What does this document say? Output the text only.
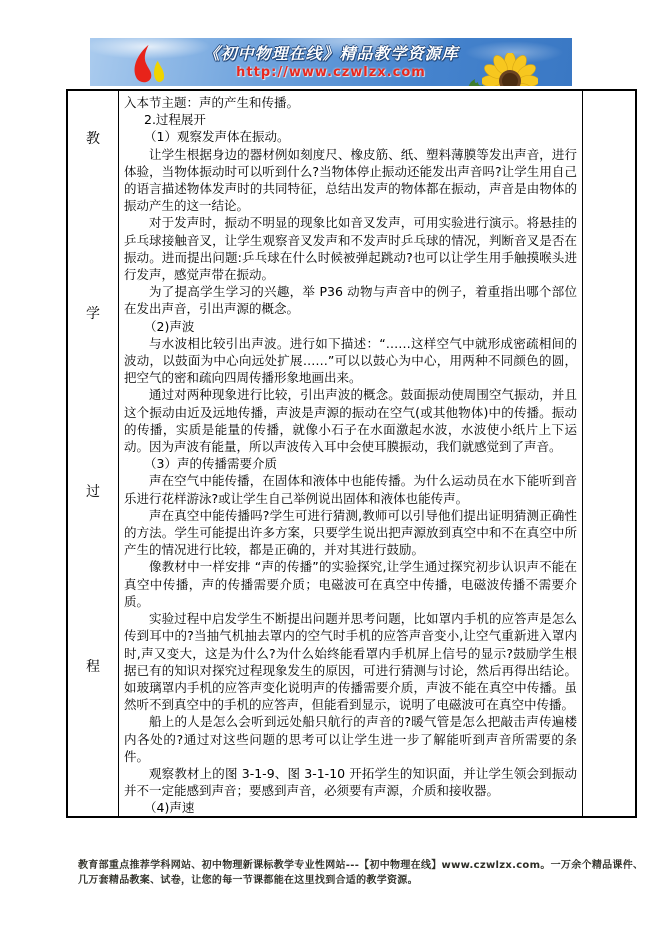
《初中物理在线》精品教学资源库
http://www.czwlzx.com
教
学
过
程

入本节主题：声的产生和传播。

2.过程展开

（1）观察发声体在振动。

让学生根据身边的器材例如刻度尺、橡皮筋、纸、塑料薄膜等发出声音，进行体验，当物体振动时可以听到什么?当物体停止振动还能发出声音吗?让学生用自己的语言描述物体发声时的共同特征，总结出发声的物体都在振动，声音是由物体的振动产生的这一结论。

对于发声时，振动不明显的现象比如音叉发声，可用实验进行演示。将悬挂的乒乓球接触音叉，让学生观察音叉发声和不发声时乒乓球的情况，判断音叉是否在振动。进而提出问题:乒乓球在什么时候被弹起跳动?也可以让学生用手触摸喉头进行发声，感觉声带在振动。

为了提高学生学习的兴趣，举 P36 动物与声音中的例子，着重指出哪个部位在发出声音，引出声源的概念。

（2)声波

与水波相比较引出声波。进行如下描述：“……这样空气中就形成密疏相间的波动，以鼓面为中心向远处扩展……”可以以鼓心为中心，用两种不同颜色的圆，把空气的密和疏向四周传播形象地画出来。

通过对两种现象进行比较，引出声波的概念。鼓面振动使周围空气振动，并且这个振动由近及远地传播，声波是声源的振动在空气(或其他物体)中的传播。振动的传播，实质是能量的传播，就像小石子在水面激起水波，水波使小纸片上下运动。因为声波有能量，所以声波传入耳中会使耳膜振动，我们就感觉到了声音。

（3）声的传播需要介质

声在空气中能传播，在固体和液体中也能传播。为什么运动员在水下能听到音乐进行花样游泳?或让学生自己举例说出固体和液体也能传声。

声在真空中能传播吗?学生可进行猜测,教师可以引导他们提出证明猜测正确性的方法。学生可能提出许多方案，只要学生说出把声源放到真空中和不在真空中所产生的情况进行比较，都是正确的，并对其进行鼓励。

像教材中一样安排 “声的传播”的实验探究,让学生通过探究初步认识声不能在真空中传播，声的传播需要介质；电磁波可在真空中传播，电磁波传播不需要介质。

实验过程中启发学生不断提出问题并思考问题，比如罩内手机的应答声是怎么传到耳中的?当抽气机抽去罩内的空气时手机的应答声音变小,让空气重新进入罩内时,声又变大，这是为什么?为什么始终能看罩内手机屏上信号的显示?鼓励学生根据已有的知识对探究过程现象发生的原因，可进行猜测与讨论，然后再得出结论。如玻璃罩内手机的应答声变化说明声的传播需要介质，声波不能在真空中传播。虽然听不到真空中的手机的应答声，但能看到显示，说明了电磁波可在真空中传播。

船上的人是怎么会听到远处船只航行的声音的?暖气管是怎么把敲击声传遍楼内各处的?通过对这些问题的思考可以让学生进一步了解能听到声音所需要的条件。

观察教材上的图 3-1-9、图 3-1-10 开拓学生的知识面，并让学生领会到振动并不一定能感到声音；要感到声音，必须要有声源，介质和接收器。

（4)声速

教育部重点推荐学科网站、初中物理新课标教学专业性网站---【初中物理在线】www.czwlzx.com。一万余个精品课件、
几万套精品教案、试卷，让您的每一节课都能在这里找到合适的教学资源。
